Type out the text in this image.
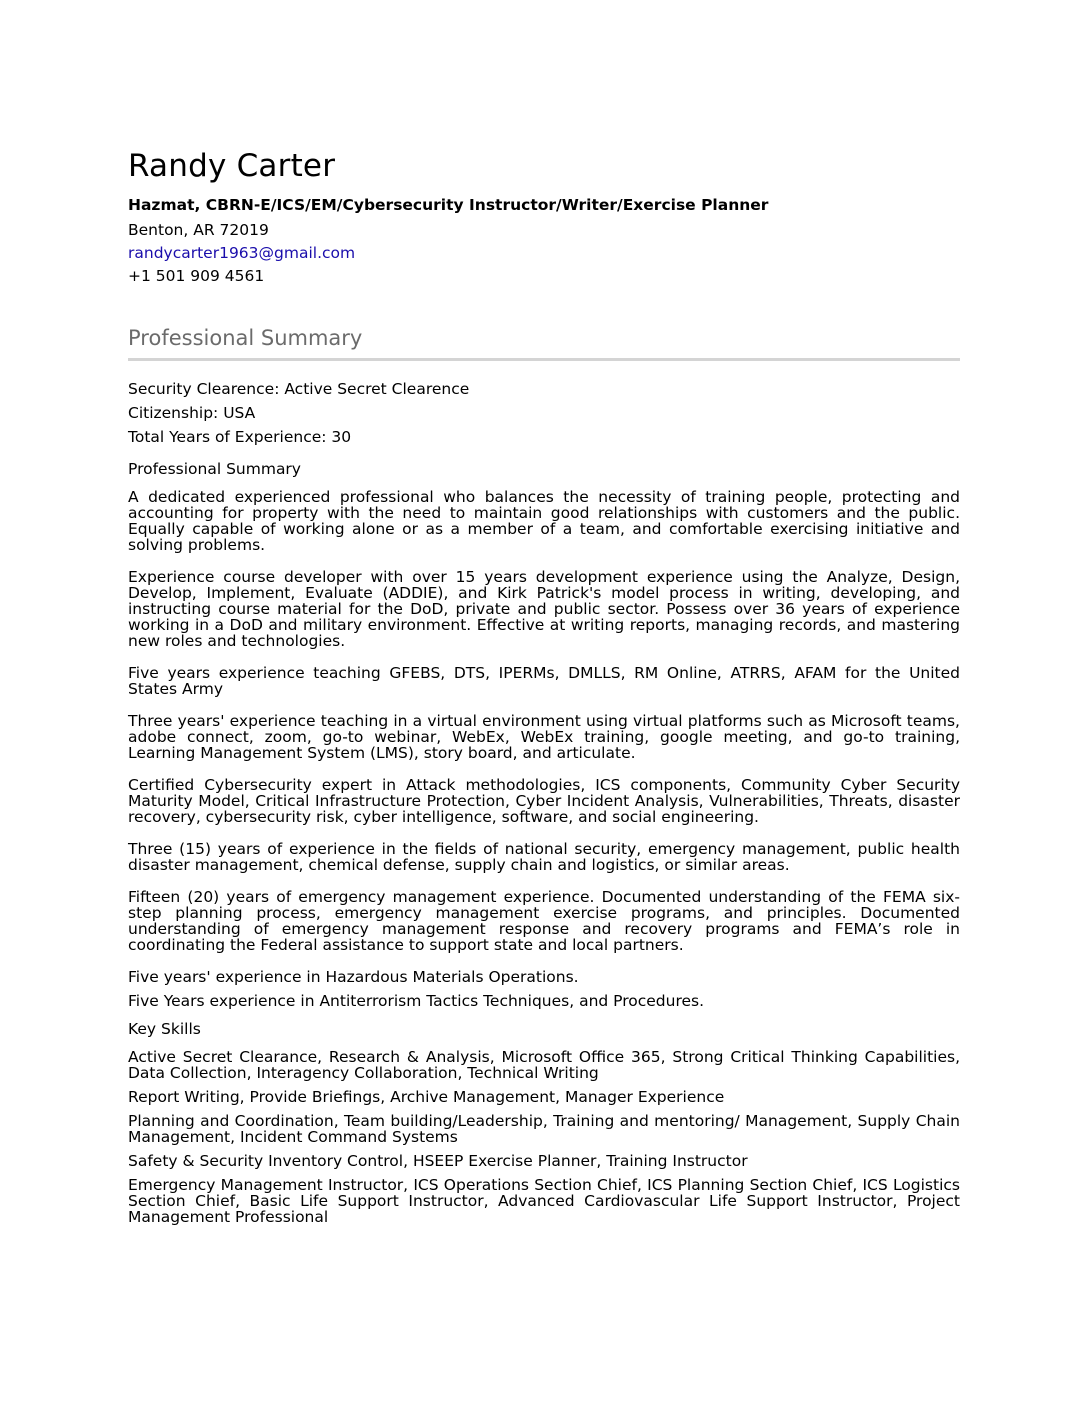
Randy Carter
Hazmat, CBRN-E/ICS/EM/Cybersecurity Instructor/Writer/Exercise Planner
Benton, AR 72019
randycarter1963@gmail.com
+1 501 909 4561
Professional Summary
Security Clearence: Active Secret Clearence
Citizenship: USA
Total Years of Experience: 30
Professional Summary
A dedicated experienced professional who balances the necessity of training people, protecting and accounting for property with the need to maintain good relationships with customers and the public. Equally capable of working alone or as a member of a team, and comfortable exercising initiative and solving problems.
Experience course developer with over 15 years development experience using the Analyze, Design, Develop, Implement, Evaluate (ADDIE), and Kirk Patrick's model process in writing, developing, and instructing course material for the DoD, private and public sector. Possess over 36 years of experience working in a DoD and military environment. Effective at writing reports, managing records, and mastering new roles and technologies.
Five years experience teaching GFEBS, DTS, IPERMs, DMLLS, RM Online, ATRRS, AFAM for the United States Army
Three years' experience teaching in a virtual environment using virtual platforms such as Microsoft teams, adobe connect, zoom, go-to webinar, WebEx, WebEx training, google meeting, and go-to training, Learning Management System (LMS), story board, and articulate.
Certified Cybersecurity expert in Attack methodologies, ICS components, Community Cyber Security Maturity Model, Critical Infrastructure Protection, Cyber Incident Analysis, Vulnerabilities, Threats, disaster recovery, cybersecurity risk, cyber intelligence, software, and social engineering.
Three (15) years of experience in the fields of national security, emergency management, public health disaster management, chemical defense, supply chain and logistics, or similar areas.
Fifteen (20) years of emergency management experience. Documented understanding of the FEMA six-step planning process, emergency management exercise programs, and principles. Documented understanding of emergency management response and recovery programs and FEMA’s role in coordinating the Federal assistance to support state and local partners.
Five years' experience in Hazardous Materials Operations.
Five Years experience in Antiterrorism Tactics Techniques, and Procedures.
Key Skills
Active Secret Clearance, Research & Analysis, Microsoft Office 365, Strong Critical Thinking Capabilities, Data Collection, Interagency Collaboration, Technical Writing
Report Writing, Provide Briefings, Archive Management, Manager Experience
Planning and Coordination, Team building/Leadership, Training and mentoring/ Management, Supply Chain Management, Incident Command Systems
Safety & Security Inventory Control, HSEEP Exercise Planner, Training Instructor
Emergency Management Instructor, ICS Operations Section Chief, ICS Planning Section Chief, ICS Logistics Section Chief, Basic Life Support Instructor, Advanced Cardiovascular Life Support Instructor, Project Management Professional
